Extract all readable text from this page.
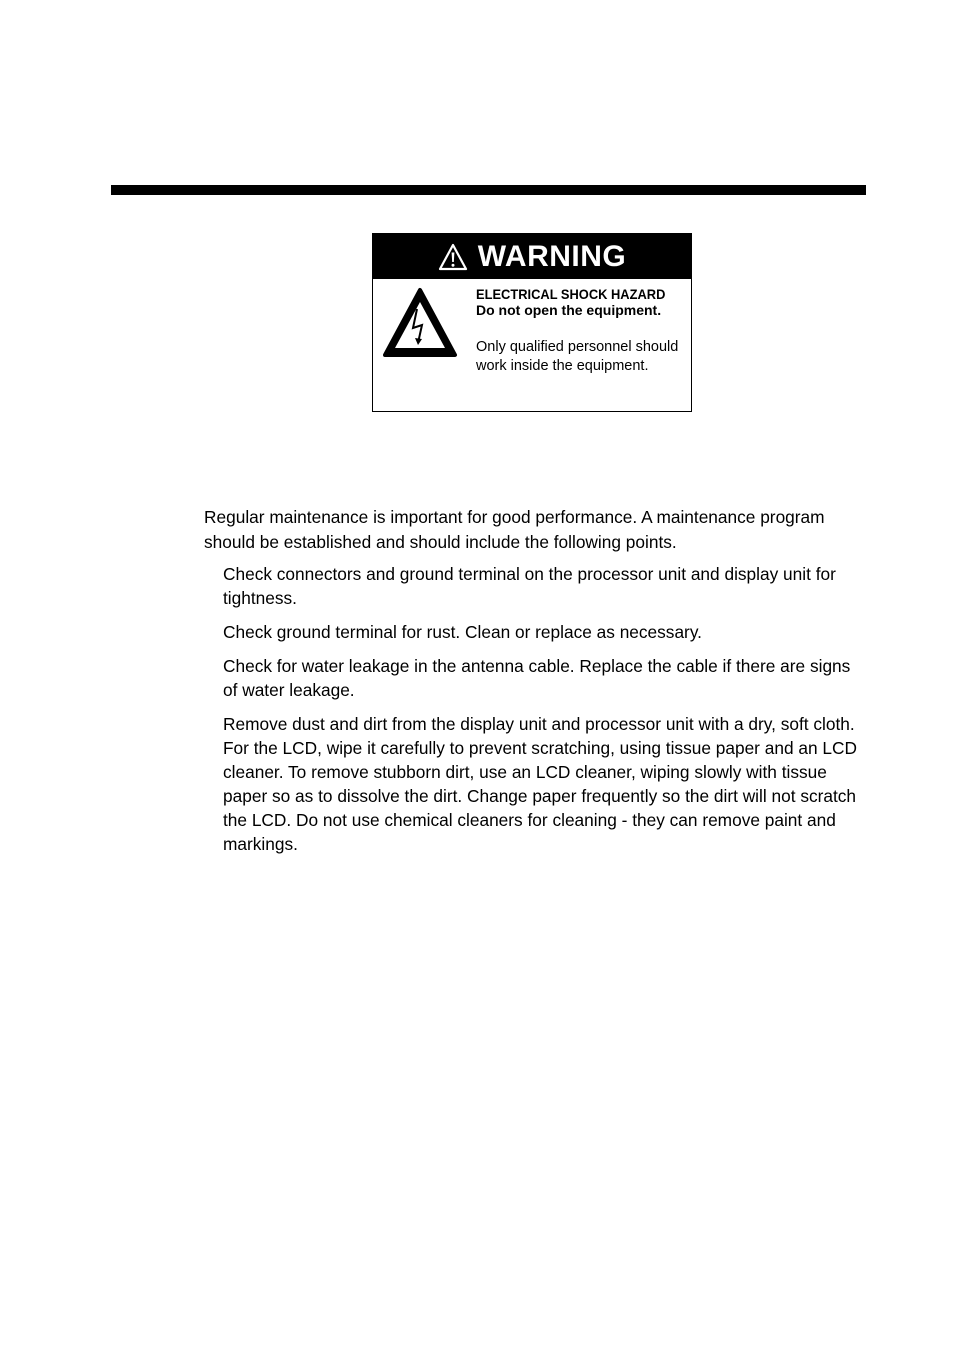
WARNING
ELECTRICAL SHOCK HAZARD
Do not open the equipment.
Only qualified personnel should work inside the equipment.

Regular maintenance is important for good performance. A maintenance program should be established and should include the following points.

Check connectors and ground terminal on the processor unit and display unit for tightness.
Check ground terminal for rust. Clean or replace as necessary.
Check for water leakage in the antenna cable. Replace the cable if there are signs of water leakage.
Remove dust and dirt from the display unit and processor unit with a dry, soft cloth. For the LCD, wipe it carefully to prevent scratching, using tissue paper and an LCD cleaner. To remove stubborn dirt, use an LCD cleaner, wiping slowly with tissue paper so as to dissolve the dirt. Change paper frequently so the dirt will not scratch the LCD. Do not use chemical cleaners for cleaning - they can remove paint and markings.
